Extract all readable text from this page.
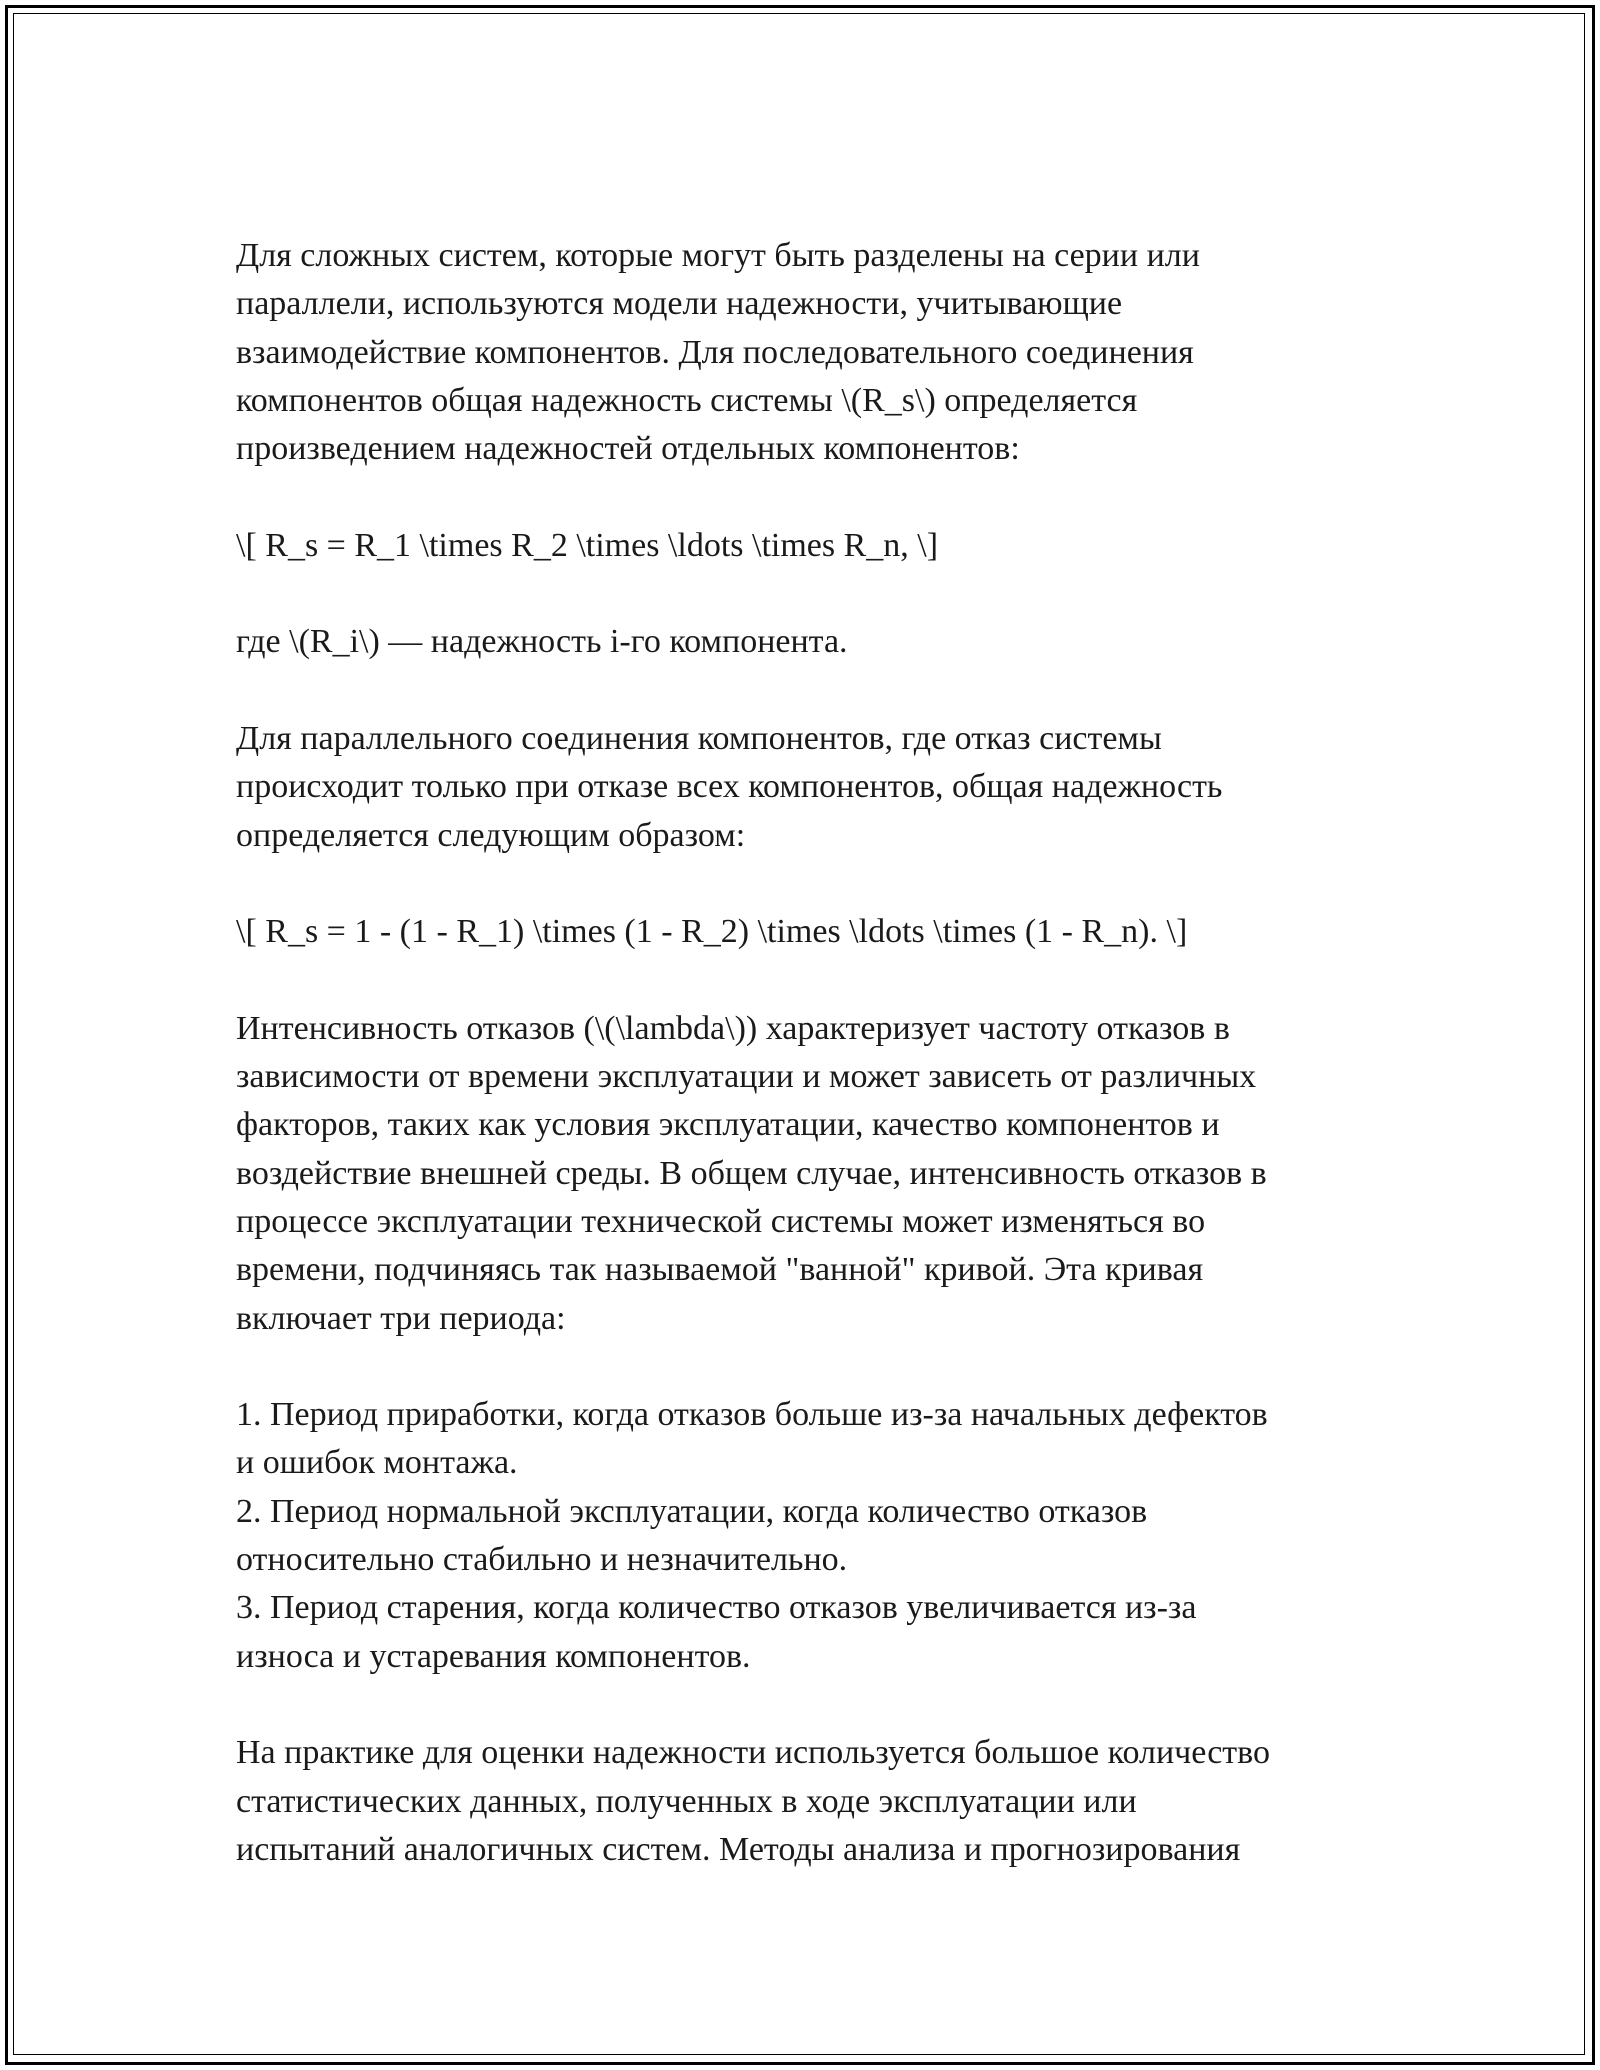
Для сложных систем, которые могут быть разделены на серии или
параллели, используются модели надежности, учитывающие
взаимодействие компонентов. Для последовательного соединения
компонентов общая надежность системы \(R_s\) определяется
произведением надежностей отдельных компонентов:

\[ R_s = R_1 \times R_2 \times \ldots \times R_n, \]

где \(R_i\) — надежность i-го компонента.

Для параллельного соединения компонентов, где отказ системы
происходит только при отказе всех компонентов, общая надежность
определяется следующим образом:

\[ R_s = 1 - (1 - R_1) \times (1 - R_2) \times \ldots \times (1 - R_n). \]

Интенсивность отказов (\(\lambda\)) характеризует частоту отказов в
зависимости от времени эксплуатации и может зависеть от различных
факторов, таких как условия эксплуатации, качество компонентов и
воздействие внешней среды. В общем случае, интенсивность отказов в
процессе эксплуатации технической системы может изменяться во
времени, подчиняясь так называемой "ванной" кривой. Эта кривая
включает три периода:

1. Период приработки, когда отказов больше из-за начальных дефектов
и ошибок монтажа.
2. Период нормальной эксплуатации, когда количество отказов
относительно стабильно и незначительно.
3. Период старения, когда количество отказов увеличивается из-за
износа и устаревания компонентов.

На практике для оценки надежности используется большое количество
статистических данных, полученных в ходе эксплуатации или
испытаний аналогичных систем. Методы анализа и прогнозирования
